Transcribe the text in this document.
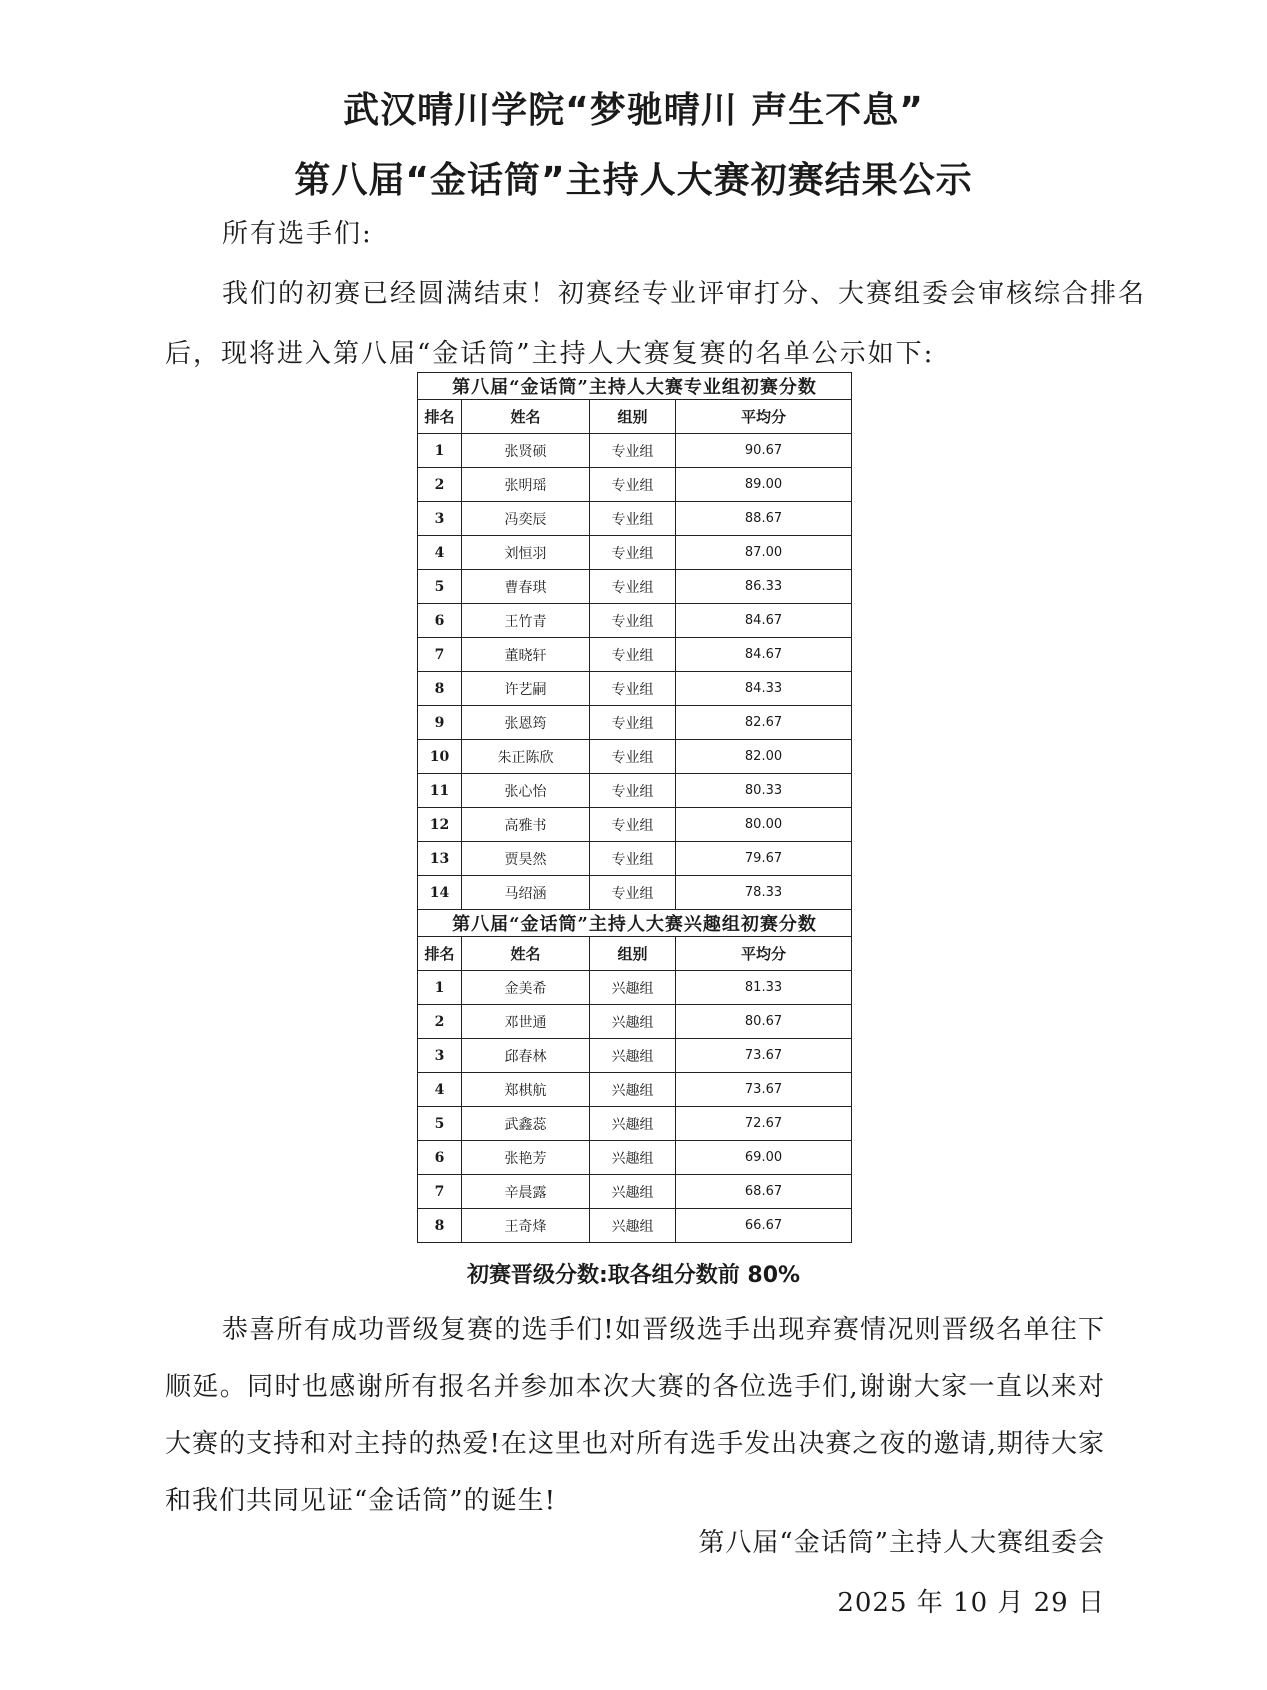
武汉晴川学院“梦驰晴川 声生不息”
第八届“金话筒”主持人大赛初赛结果公示
所有选手们:
我们的初赛已经圆满结束！初赛经专业评审打分、大赛组委会审核综合排名
后，现将进入第八届“金话筒”主持人大赛复赛的名单公示如下:
第八届“金话筒”主持人大赛专业组初赛分数			
排名	姓名	组别	平均分
1	张贤硕	专业组	90.67
2	张明瑶	专业组	89.00
3	冯奕辰	专业组	88.67
4	刘恒羽	专业组	87.00
5	曹春琪	专业组	86.33
6	王竹青	专业组	84.67
7	董晓轩	专业组	84.67
8	许艺嗣	专业组	84.33
9	张恩筠	专业组	82.67
10	朱正陈欣	专业组	82.00
11	张心怡	专业组	80.33
12	高雅书	专业组	80.00
13	贾昊然	专业组	79.67
14	马绍涵	专业组	78.33
第八届“金话筒”主持人大赛兴趣组初赛分数			
排名	姓名	组别	平均分
1	金美希	兴趣组	81.33
2	邓世通	兴趣组	80.67
3	邱春林	兴趣组	73.67
4	郑棋航	兴趣组	73.67
5	武鑫蕊	兴趣组	72.67
6	张艳芳	兴趣组	69.00
7	辛晨露	兴趣组	68.67
8	王奇烽	兴趣组	66.67
初赛晋级分数:取各组分数前 80%
恭喜所有成功晋级复赛的选手们!如晋级选手出现弃赛情况则晋级名单往下顺延。同时也感谢所有报名并参加本次大赛的各位选手们,谢谢大家一直以来对大赛的支持和对主持的热爱!在这里也对所有选手发出决赛之夜的邀请,期待大家和我们共同见证“金话筒”的诞生!
第八届“金话筒”主持人大赛组委会
2025 年 10 月 29 日
